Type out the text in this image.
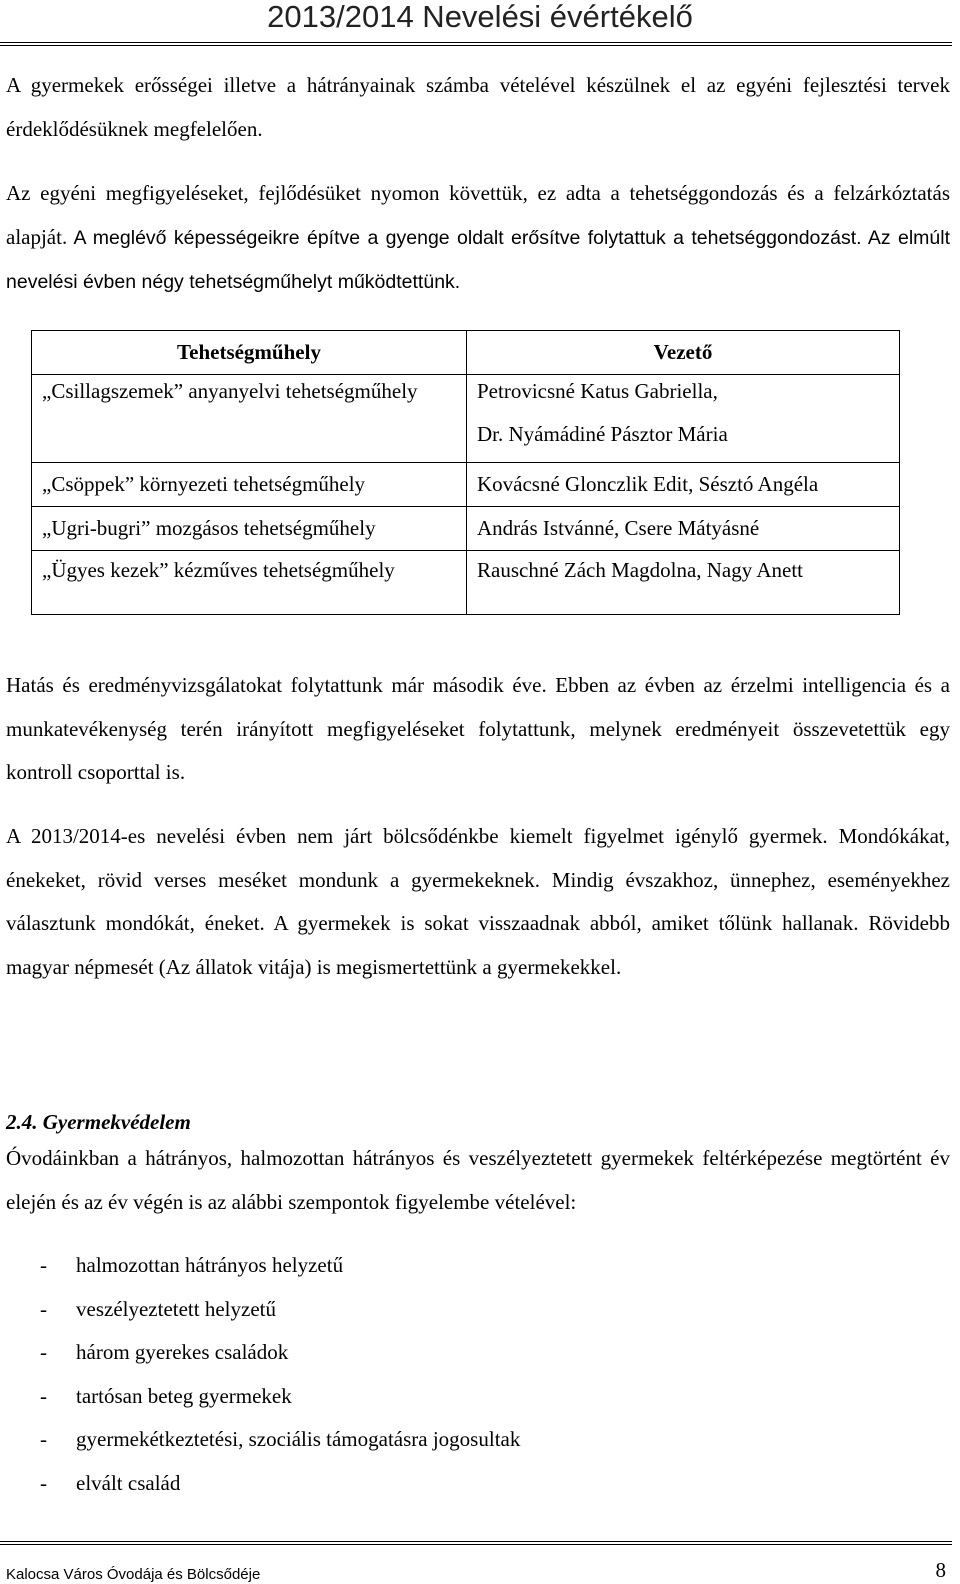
2013/2014 Nevelési évértékelő

A gyermekek erősségei illetve a hátrányainak számba vételével készülnek el az egyéni fejlesztési tervek érdeklődésüknek megfelelően.

Az egyéni megfigyeléseket, fejlődésüket nyomon követtük, ez adta a tehetséggondozás és a felzárkóztatás alapját. A meglévő képességeikre építve a gyenge oldalt erősítve folytattuk a tehetséggondozást. Az elmúlt nevelési évben négy tehetségműhelyt működtettünk.

Tehetségműhely	Vezető

„Csillagszemek” anyanyelvi tehetségműhely	Petrovicsné Katus Gabriella,
Dr. Nyámádiné Pásztor Mária

„Csöppek” környezeti tehetségműhely	Kovácsné Glonczlik Edit, Sésztó Angéla

„Ugri-bugri” mozgásos tehetségműhely	András Istvánné, Csere Mátyásné

„Ügyes kezek” kézműves tehetségműhely	Rauschné Zách Magdolna, Nagy Anett

Hatás és eredményvizsgálatokat folytattunk már második éve. Ebben az évben az érzelmi intelligencia és a munkatevékenység terén irányított megfigyeléseket folytattunk, melynek eredményeit összevetettük egy kontroll csoporttal is.

A 2013/2014-es nevelési évben nem járt bölcsődénkbe kiemelt figyelmet igénylő gyermek. Mondókákat, énekeket, rövid verses meséket mondunk a gyermekeknek. Mindig évszakhoz, ünnephez, eseményekhez választunk mondókát, éneket. A gyermekek is sokat visszaadnak abból, amiket tőlünk hallanak. Rövidebb magyar népmesét (Az állatok vitája) is megismertettünk a gyermekekkel.

2.4. Gyermekvédelem

Óvodáinkban a hátrányos, halmozottan hátrányos és veszélyeztetett gyermekek feltérképezése megtörtént év elején és az év végén is az alábbi szempontok figyelembe vételével:

- halmozottan hátrányos helyzetű
- veszélyeztetett helyzetű
- három gyerekes családok
- tartósan beteg gyermekek
- gyermekétkeztetési, szociális támogatásra jogosultak
- elvált család
Kalocsa Város Óvodája és Bölcsődéje	8
